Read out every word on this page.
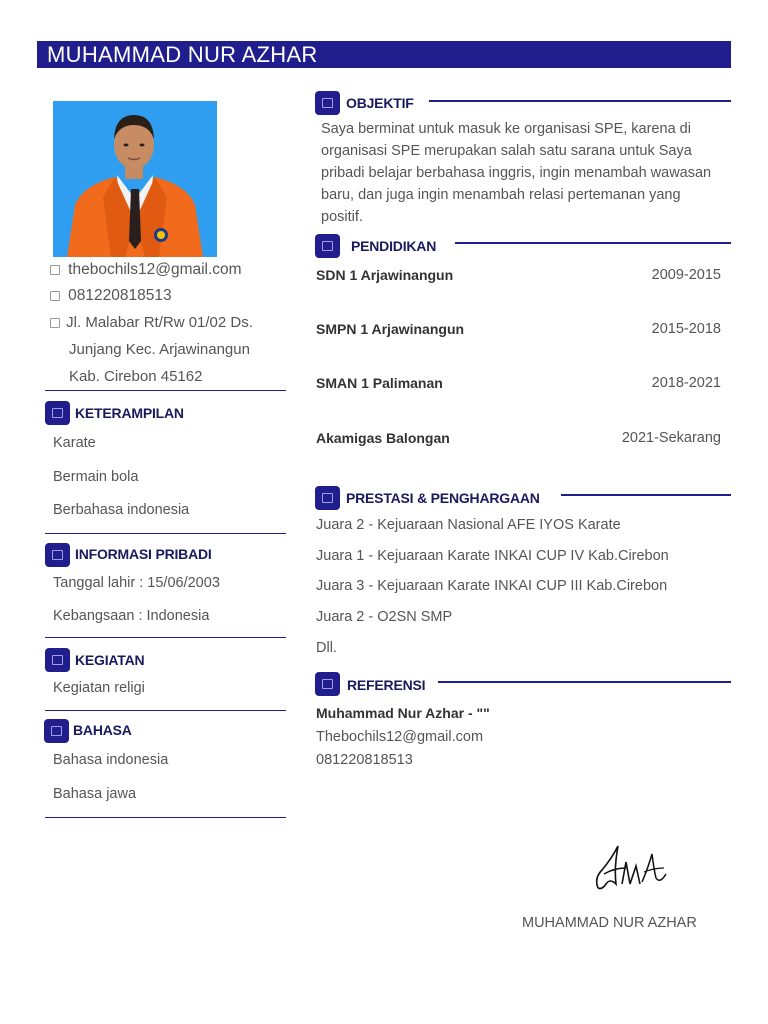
MUHAMMAD NUR AZHAR
thebochils12@gmail.com
081220818513
Jl. Malabar Rt/Rw 01/02 Ds.
Junjang Kec. Arjawinangun
Kab. Cirebon 45162
KETERAMPILAN
Karate
Bermain bola
Berbahasa indonesia
INFORMASI PRIBADI
Tanggal lahir : 15/06/2003
Kebangsaan : Indonesia
KEGIATAN
Kegiatan religi
BAHASA
Bahasa indonesia
Bahasa jawa
OBJEKTIF
Saya berminat untuk masuk ke organisasi SPE, karena di organisasi SPE merupakan salah satu sarana untuk Saya pribadi belajar berbahasa inggris, ingin menambah wawasan baru, dan juga ingin menambah relasi pertemanan yang positif.
PENDIDIKAN
SDN 1 Arjawinangun	2009-2015
SMPN 1 Arjawinangun	2015-2018
SMAN 1 Palimanan	2018-2021
Akamigas Balongan	2021-Sekarang
PRESTASI & PENGHARGAAN
Juara 2 - Kejuaraan Nasional AFE IYOS Karate
Juara 1 - Kejuaraan Karate INKAI CUP IV Kab.Cirebon
Juara 3 - Kejuaraan Karate INKAI CUP III Kab.Cirebon
Juara 2 - O2SN SMP
Dll.
REFERENSI
Muhammad Nur Azhar - ""
Thebochils12@gmail.com
081220818513
MUHAMMAD NUR AZHAR
